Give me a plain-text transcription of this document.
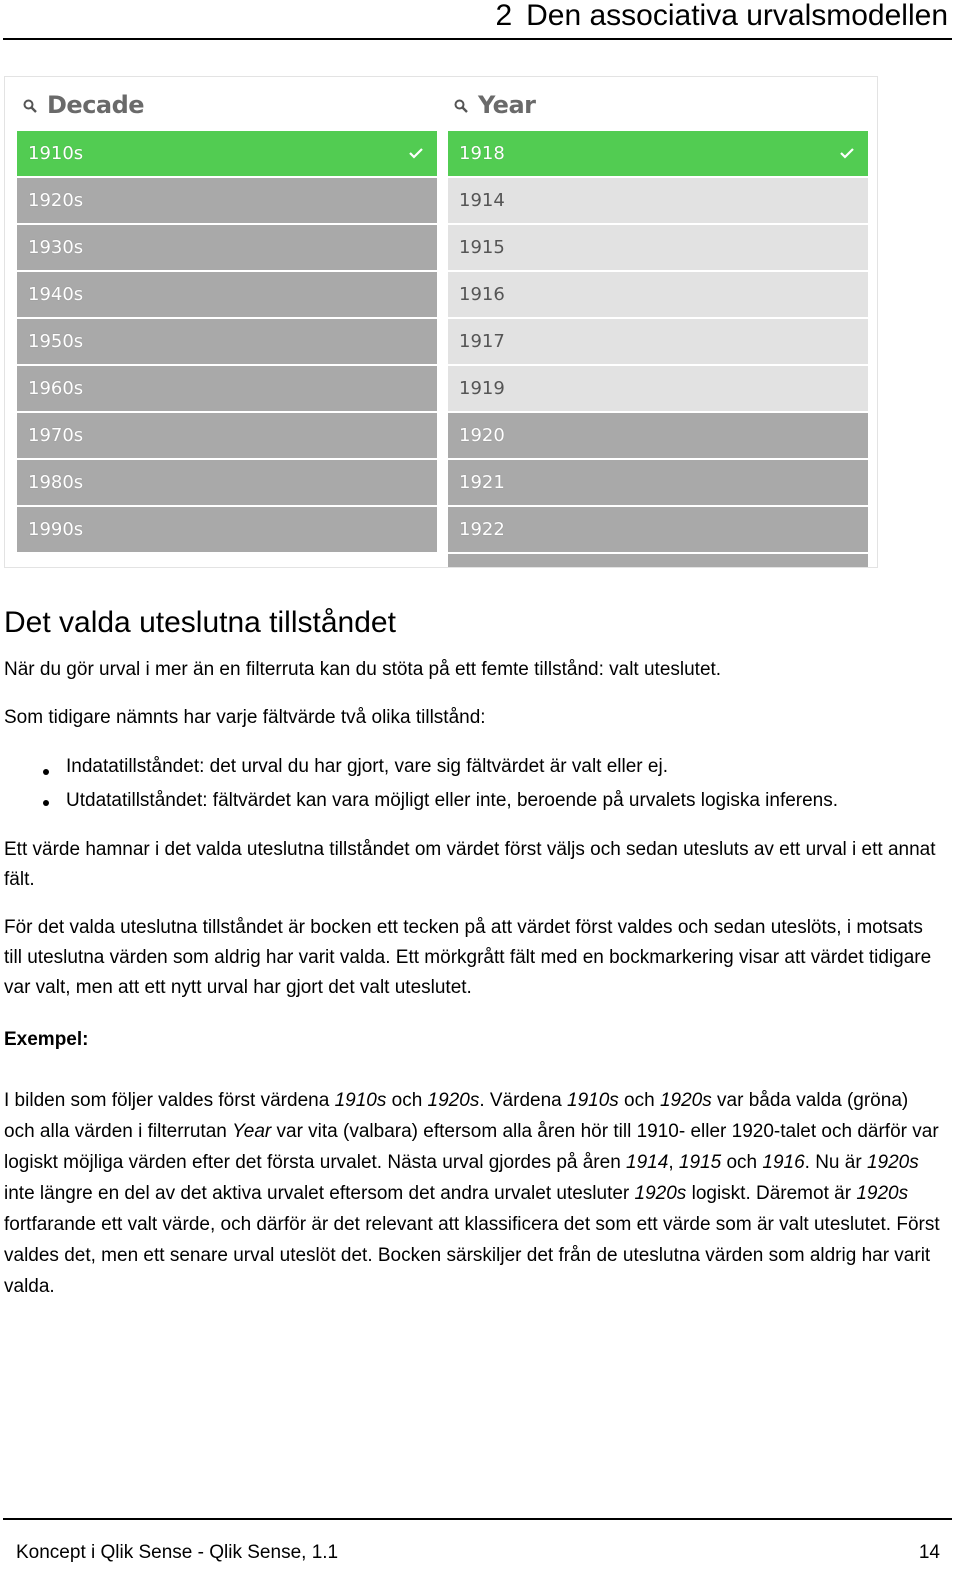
2 Den associativa urvalsmodellen
Decade
1910s
1920s
1930s
1940s
1950s
1960s
1970s
1980s
1990s
Year
1918
1914
1915
1916
1917
1919
1920
1921
1922
Det valda uteslutna tillståndet
När du gör urval i mer än en filterruta kan du stöta på ett femte tillstånd: valt uteslutet.
Som tidigare nämnts har varje fältvärde två olika tillstånd:
Indatatillståndet: det urval du har gjort, vare sig fältvärdet är valt eller ej.
Utdatatillståndet: fältvärdet kan vara möjligt eller inte, beroende på urvalets logiska inferens.
Ett värde hamnar i det valda uteslutna tillståndet om värdet först väljs och sedan utesluts av ett urval i ett annat fält.
För det valda uteslutna tillståndet är bocken ett tecken på att värdet först valdes och sedan uteslöts, i motsats till uteslutna värden som aldrig har varit valda. Ett mörkgrått fält med en bockmarkering visar att värdet tidigare var valt, men att ett nytt urval har gjort det valt uteslutet.
Exempel:
I bilden som följer valdes först värdena 1910s och 1920s. Värdena 1910s och 1920s var båda valda (gröna) och alla värden i filterrutan Year var vita (valbara) eftersom alla åren hör till 1910- eller 1920-talet och därför var logiskt möjliga värden efter det första urvalet. Nästa urval gjordes på åren 1914, 1915 och 1916. Nu är 1920s inte längre en del av det aktiva urvalet eftersom det andra urvalet utesluter 1920s logiskt. Däremot är 1920s fortfarande ett valt värde, och därför är det relevant att klassificera det som ett värde som är valt uteslutet. Först valdes det, men ett senare urval uteslöt det. Bocken särskiljer det från de uteslutna värden som aldrig har varit valda.
Koncept i Qlik Sense - Qlik Sense, 1.1	14
